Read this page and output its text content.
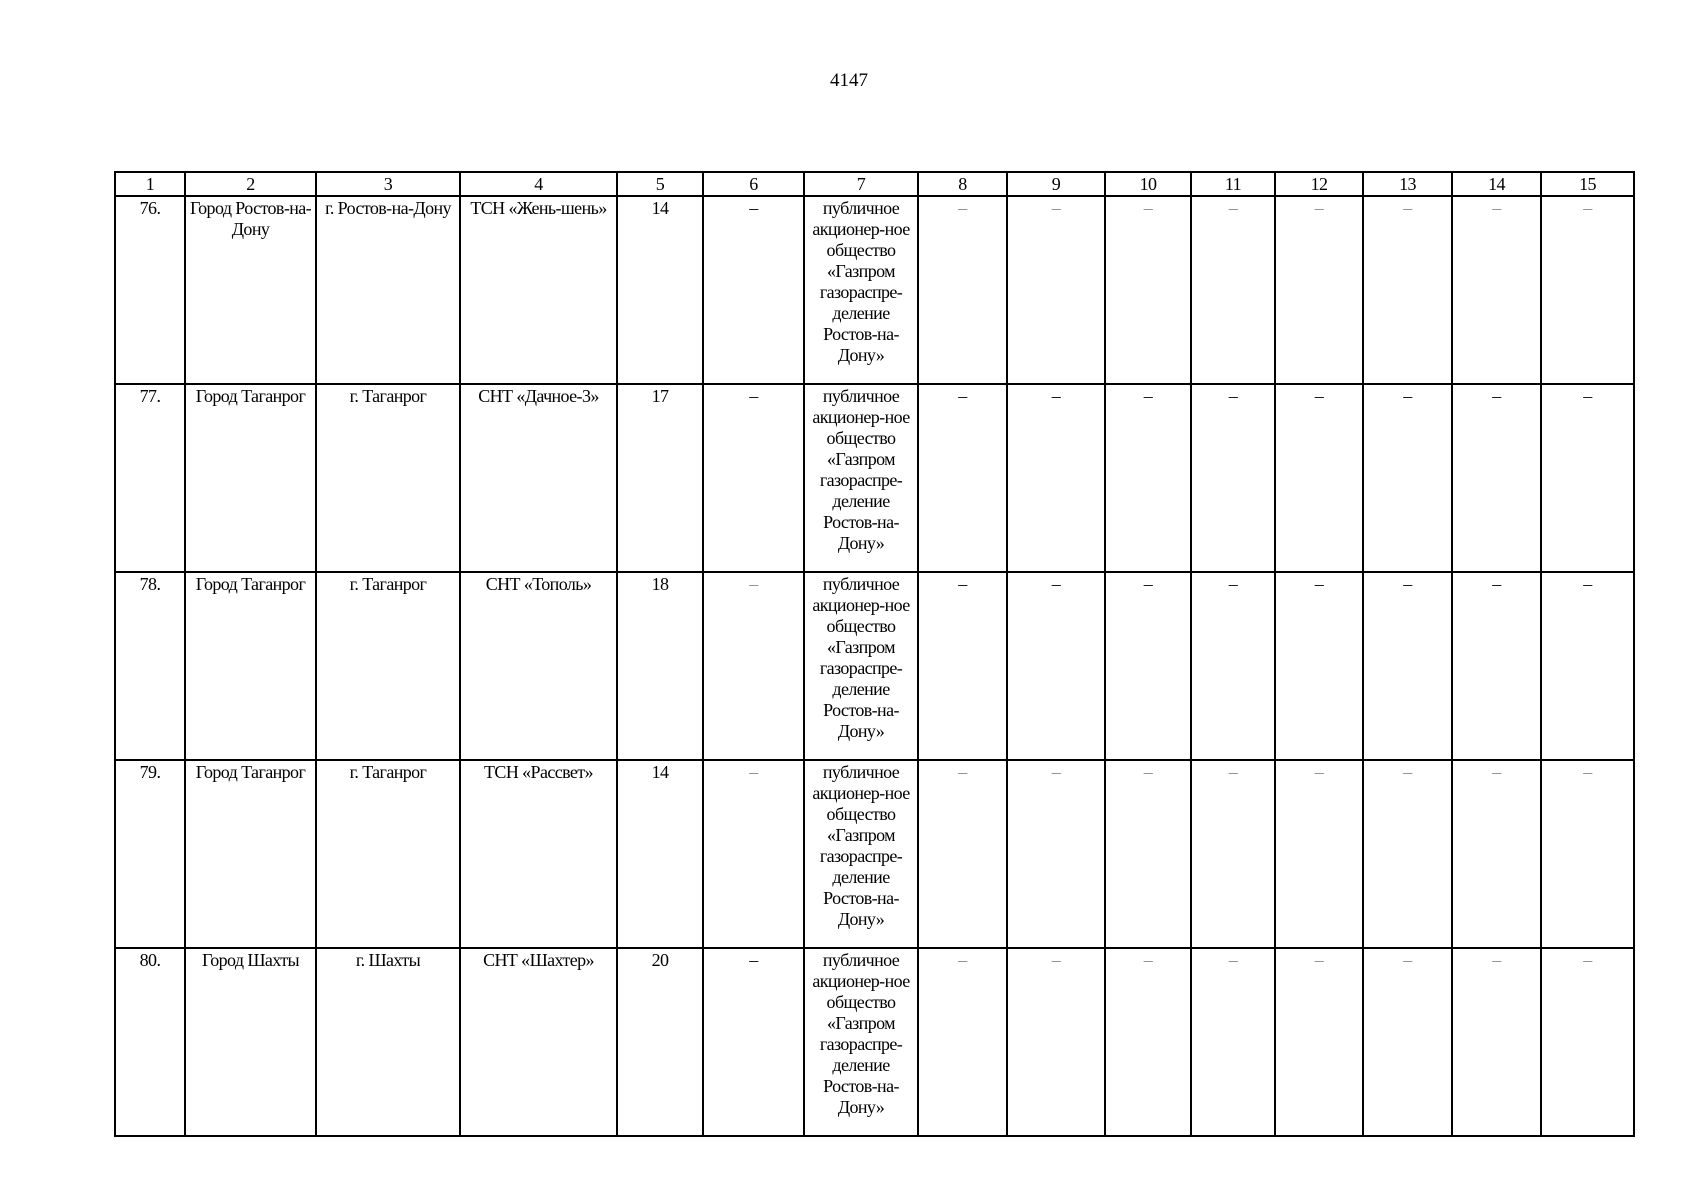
4147
1	2	3	4	5	6	7	8	9	10	11	12	13	14	15

76.	Город Ростов-на-Дону	г. Ростов-на-Дону	ТСН «Жень-шень»	14	–	публичное акционер-ное общество «Газпром газораспре-деление Ростов-на-Дону»	–	–	–	–	–	–	–	–

77.	Город Таганрог	г. Таганрог	СНТ «Дачное-3»	17	–	публичное акционер-ное общество «Газпром газораспре-деление Ростов-на-Дону»	–	–	–	–	–	–	–	–

78.	Город Таганрог	г. Таганрог	СНТ «Тополь»	18	–	публичное акционер-ное общество «Газпром газораспре-деление Ростов-на-Дону»	–	–	–	–	–	–	–	–

79.	Город Таганрог	г. Таганрог	ТСН «Рассвет»	14	–	публичное акционер-ное общество «Газпром газораспре-деление Ростов-на-Дону»	–	–	–	–	–	–	–	–

80.	Город Шахты	г. Шахты	СНТ «Шахтер»	20	–	публичное акционер-ное общество «Газпром газораспре-деление Ростов-на-Дону»	–	–	–	–	–	–	–	–
